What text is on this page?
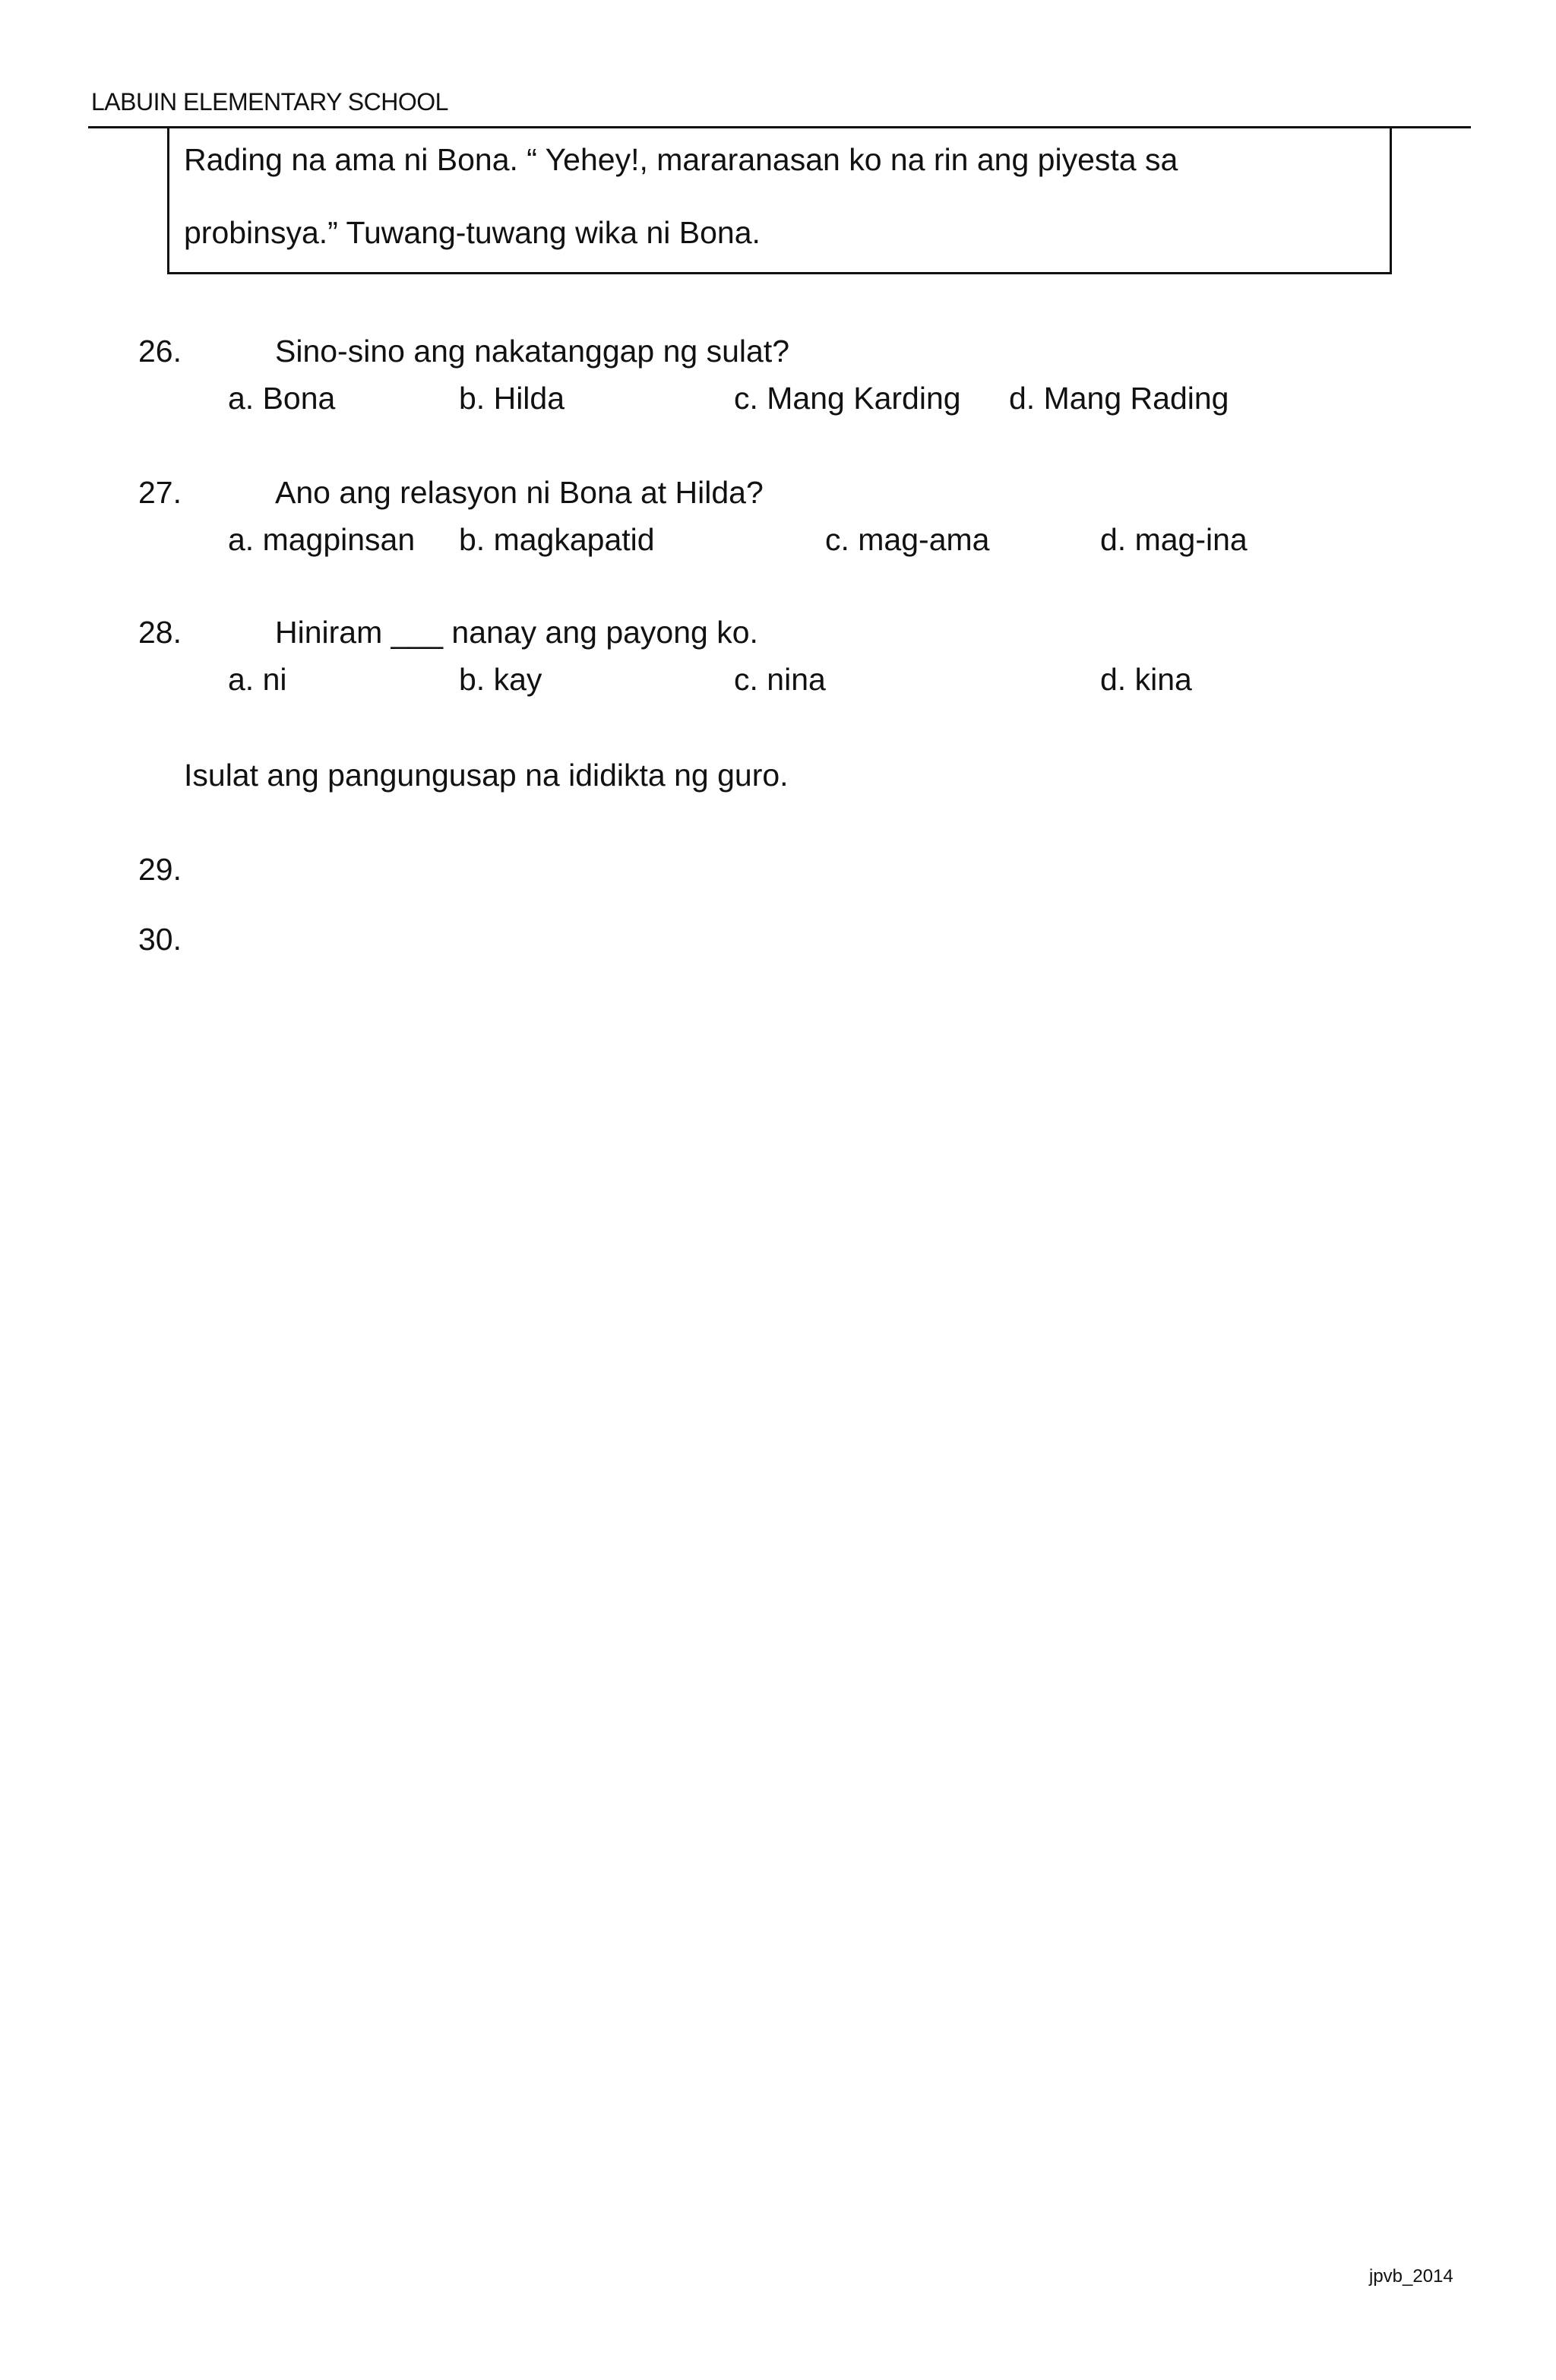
LABUIN ELEMENTARY SCHOOL
Rading na ama ni Bona. “ Yehey!, mararanasan ko na rin ang piyesta sa
probinsya.” Tuwang-tuwang wika ni Bona.
26.	Sino-sino ang nakatanggap ng sulat?
a. Bona	b. Hilda	c. Mang Karding d. Mang Rading
27.	Ano ang relasyon ni Bona at Hilda?
a. magpinsan b. magkapatid	c. mag-ama	d. mag-ina
28.	Hiniram ___ nanay ang payong ko.
a. ni	b. kay	c. nina	d. kina
Isulat ang pangungusap na ididikta ng guro.
29.
30.
jpvb_2014
